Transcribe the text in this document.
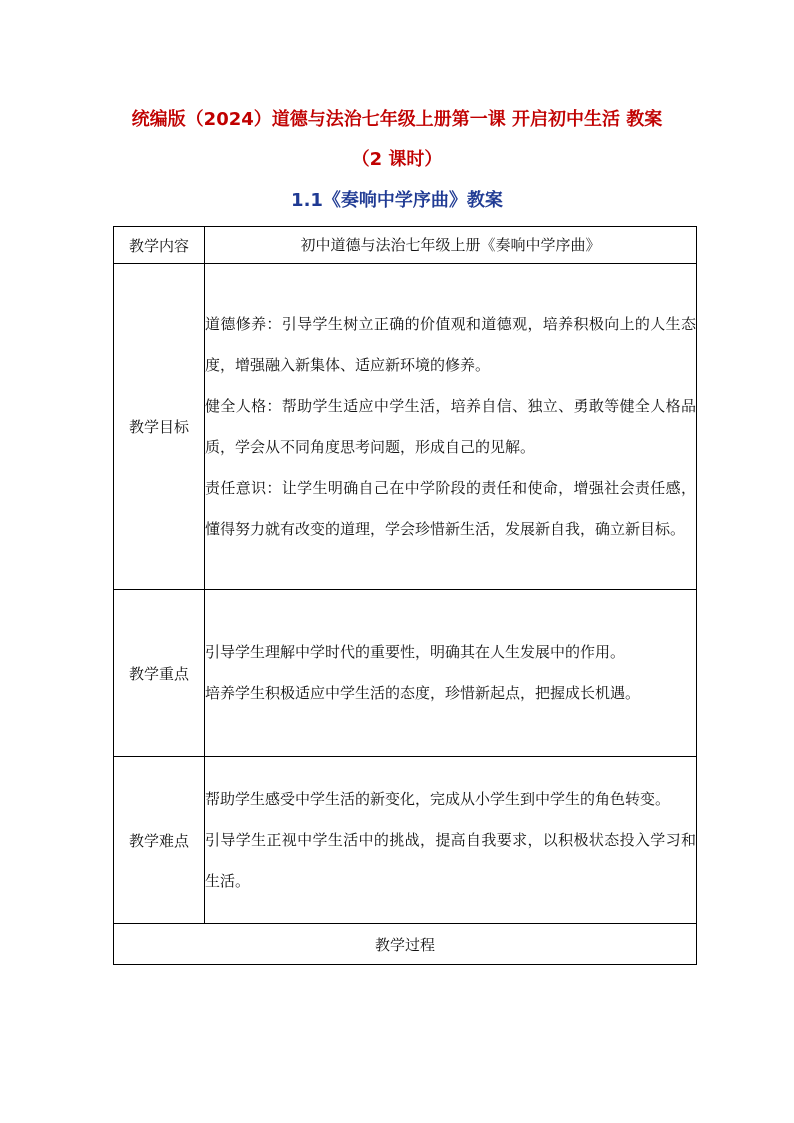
统编版（2024）道德与法治七年级上册第一课 开启初中生活 教案
（2 课时）
1.1《奏响中学序曲》教案
教学内容	初中道德与法治七年级上册《奏响中学序曲》
教学目标	道德修养：引导学生树立正确的价值观和道德观，培养积极向上的人生态度，增强融入新集体、适应新环境的修养。

健全人格：帮助学生适应中学生活，培养自信、独立、勇敢等健全人格品质，学会从不同角度思考问题，形成自己的见解。

责任意识：让学生明确自己在中学阶段的责任和使命，增强社会责任感，懂得努力就有改变的道理，学会珍惜新生活，发展新自我，确立新目标。

教学重点	引导学生理解中学时代的重要性，明确其在人生发展中的作用。

培养学生积极适应中学生活的态度，珍惜新起点，把握成长机遇。

教学难点	帮助学生感受中学生活的新变化，完成从小学生到中学生的角色转变。

引导学生正视中学生活中的挑战，提高自我要求，以积极状态投入学习和生活。

教学过程	
